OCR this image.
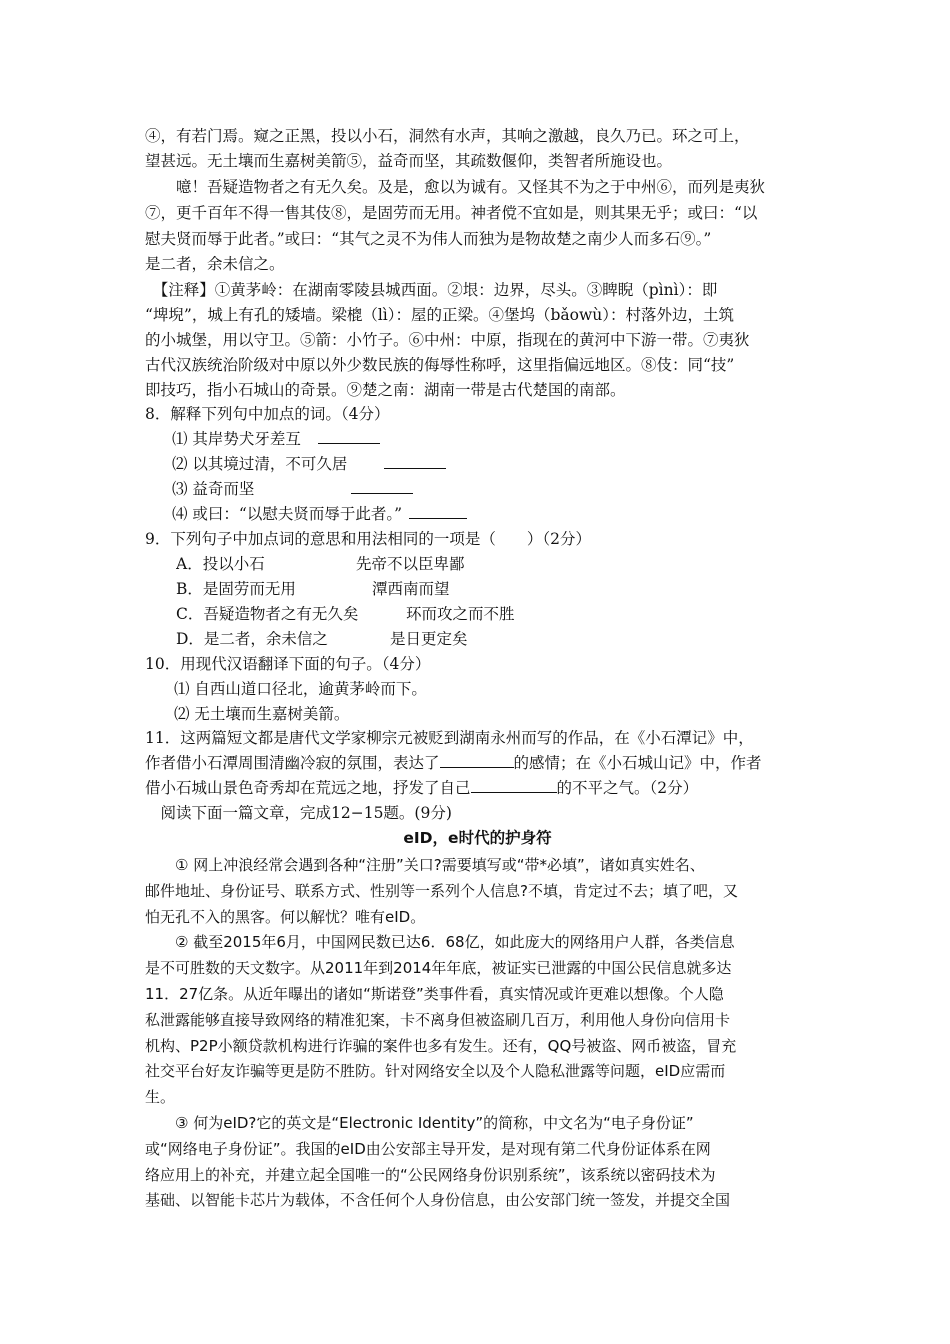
④，有若门焉。窥之正黑，投以小石，洞然有水声，其响之激越，良久乃已。环之可上，
望甚远。无土壤而生嘉树美箭⑤，益奇而坚，其疏数偃仰，类智者所施设也。
　　噫！吾疑造物者之有无久矣。及是，愈以为诚有。又怪其不为之于中州⑥，而列是夷狄
⑦，更千百年不得一售其伎⑧，是固劳而无用。神者傥不宜如是，则其果无乎；或曰：“以
慰夫贤而辱于此者。”或曰：“其气之灵不为伟人而独为是物故楚之南少人而多石⑨。”
是二者，余未信之。
　【注释】①黄茅岭：在湖南零陵县城西面。②垠：边界，尽头。③睥睨（pìnì）：即
“埤堄”，城上有孔的矮墙。梁㮰（lì）：屋的正梁。④堡坞（bǎowù）：村落外边，土筑
的小城堡，用以守卫。⑤箭：小竹子。⑥中州：中原，指现在的黄河中下游一带。⑦夷狄
古代汉族统治阶级对中原以外少数民族的侮辱性称呼，这里指偏远地区。⑧伎：同“技”
即技巧，指小石城山的奇景。⑨楚之南：湖南一带是古代楚国的南部。
8．解释下列句中加点的词。（4分）
⑴ 其岸势犬牙差互
⑵ 以其境过清，不可久居
⑶ 益奇而坚
⑷ 或曰：“以慰夫贤而辱于此者。”
9．下列句子中加点词的意思和用法相同的一项是（　　）（2分）
A．投以小石	先帝不以臣卑鄙
B．是固劳而无用	潭西南而望
C．吾疑造物者之有无久矣	环而攻之而不胜
D．是二者，余未信之	是日更定矣
10．用现代汉语翻译下面的句子。（4分）
⑴ 自西山道口径北，逾黄茅岭而下。
⑵ 无土壤而生嘉树美箭。
11．这两篇短文都是唐代文学家柳宗元被贬到湖南永州而写的作品，在《小石潭记》中，
作者借小石潭周围清幽冷寂的氛围，表达了	的感情；在《小石城山记》中，作者
借小石城山景色奇秀却在荒远之地，抒发了自己	的不平之气。（2分）
　阅读下面一篇文章，完成12−15题。(9分)
eID，e时代的护身符
　　① 网上冲浪经常会遇到各种“注册”关口?需要填写或“带*必填”，诸如真实姓名、
邮件地址、身份证号、联系方式、性别等一系列个人信息?不填，肯定过不去；填了吧，又
怕无孔不入的黑客。何以解忧？唯有eID。
　　② 截至2015年6月，中国网民数已达6．68亿，如此庞大的网络用户人群，各类信息
是不可胜数的天文数字。从2011年到2014年年底，被证实已泄露的中国公民信息就多达
11．27亿条。从近年曝出的诸如“斯诺登”类事件看，真实情况或许更难以想像。个人隐
私泄露能够直接导致网络的精准犯案，卡不离身但被盗刷几百万，利用他人身份向信用卡
机构、P2P小额贷款机构进行诈骗的案件也多有发生。还有，QQ号被盗、网币被盗，冒充
社交平台好友诈骗等更是防不胜防。针对网络安全以及个人隐私泄露等问题，eID应需而
生。
　　③ 何为eID?它的英文是“Electronic Identity”的简称，中文名为“电子身份证”
或“网络电子身份证”。我国的eID由公安部主导开发，是对现有第二代身份证体系在网
络应用上的补充，并建立起全国唯一的“公民网络身份识别系统”，该系统以密码技术为
基础、以智能卡芯片为载体，不含任何个人身份信息，由公安部门统一签发，并提交全国
